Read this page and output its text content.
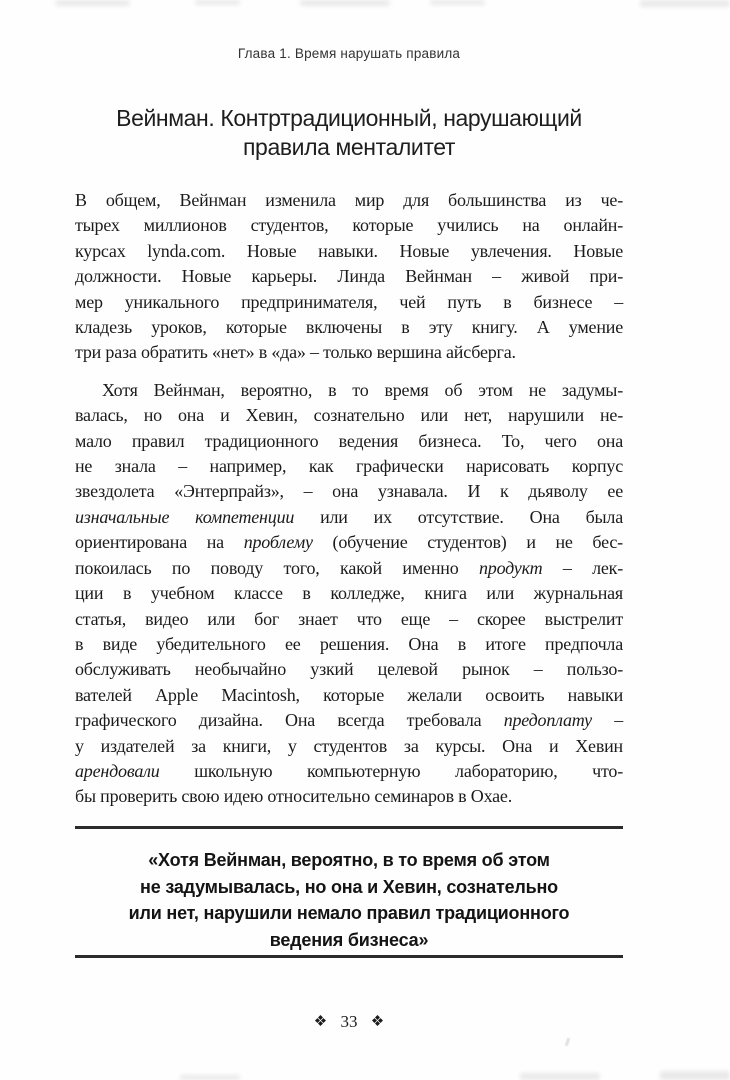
Глава 1. Время нарушать правила
Вейнман. Контртрадиционный, нарушающий
правила менталитет
В общем, Вейнман изменила мир для большинства из че-
тырех миллионов студентов, которые учились на онлайн-
курсах lynda.com. Новые навыки. Новые увлечения. Новые
должности. Новые карьеры. Линда Вейнман – живой при-
мер уникального предпринимателя, чей путь в бизнесе –
кладезь уроков, которые включены в эту книгу. А умение
три раза обратить «нет» в «да» – только вершина айсберга.
Хотя Вейнман, вероятно, в то время об этом не задумы-
валась, но она и Хевин, сознательно или нет, нарушили не-
мало правил традиционного ведения бизнеса. То, чего она
не знала – например, как графически нарисовать корпус
звездолета «Энтерпрайз», – она узнавала. И к дьяволу ее
изначальные компетенции или их отсутствие. Она была
ориентирована на проблему (обучение студентов) и не бес-
покоилась по поводу того, какой именно продукт – лек-
ции в учебном классе в колледже, книга или журнальная
статья, видео или бог знает что еще – скорее выстрелит
в виде убедительного ее решения. Она в итоге предпочла
обслуживать необычайно узкий целевой рынок – пользо-
вателей Apple Macintosh, которые желали освоить навыки
графического дизайна. Она всегда требовала предоплату –
у издателей за книги, у студентов за курсы. Она и Хевин
арендовали школьную компьютерную лабораторию, что-
бы проверить свою идею относительно семинаров в Охае.
«Хотя Вейнман, вероятно, в то время об этом
не задумывалась, но она и Хевин, сознательно
или нет, нарушили немало правил традиционного
ведения бизнеса»
❖ 33 ❖
